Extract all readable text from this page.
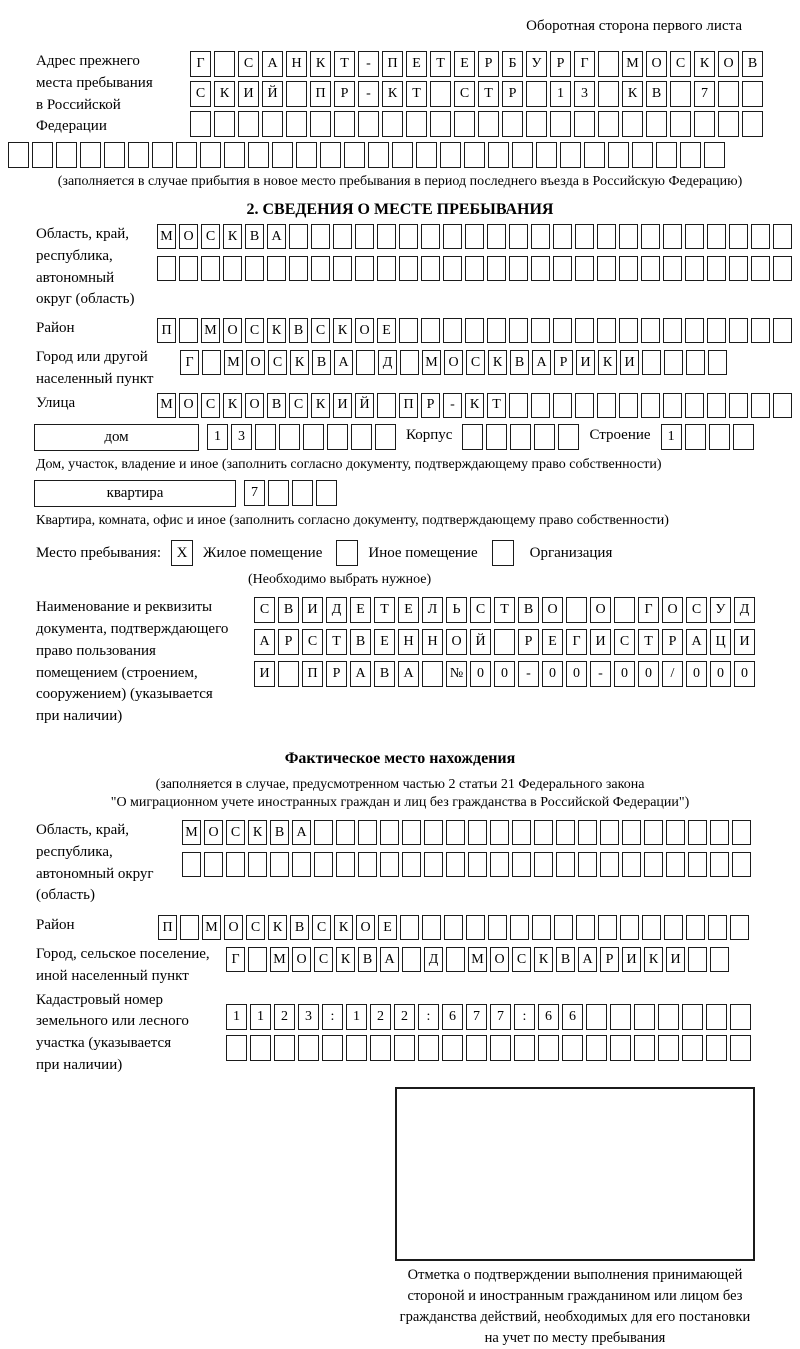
Оборотная сторона первого листа
Адрес прежнего
места пребывания
в Российской
Федерации
Г	С	А Н	К	Т	-	П	Е	Т	Е	Р	Б	У	Р	Г	М О	С	К	О	В
С	К	И Й	П	Р	-	К	Т	С	Т	Р	1	3	К	В	7
(заполняется в случае прибытия в новое место пребывания в период последнего въезда в Российскую Федерацию)
2. СВЕДЕНИЯ О МЕСТЕ ПРЕБЫВАНИЯ
Область, край,
республика,
автономный
округ (область)
М О С К В А
Район	П	М О С К В С К О Е
Город или другой
населенный пункт
Г	М О С К В А	Д	М О С К В А Р И К И
Улица	М О С К О В С К И Й	П Р	-	К Т
дом	1	3	Корпус	Строение	1
Дом, участок, владение и иное (заполнить согласно документу, подтверждающему право собственности)
квартира	7
Квартира, комната, офис и иное (заполнить согласно документу, подтверждающему право собственности)
Место пребывания:	X	Жилое помещение	Иное помещение	Организация
(Необходимо выбрать нужное)
Наименование и реквизиты
документа, подтверждающего
право пользования
помещением (строением,
сооружением) (указывается
при наличии)
С	В	И	Д	Е	Т	Е	Л	Ь	С	Т	В	О	О	Г	О	С	У	Д
А	Р	С	Т	В	Е	Н Н О Й	Р	Е	Г	И	С	Т	Р	А Ц И
И	П	Р	А	В	А	№ 0	0	-	0	0	-	0	0	/	0	0	0
Фактическое место нахождения
(заполняется в случае, предусмотренном частью 2 статьи 21 Федерального закона
"О миграционном учете иностранных граждан и лиц без гражданства в Российской Федерации")
Область, край,
республика,
автономный округ
(область)
М О С К В А
Район	П	М О С К В С К О Е
Город, сельское поселение,
иной населенный пункт
Г	М О С К В А	Д	М О С К В А Р И К И
Кадастровый номер
земельного или лесного
участка (указывается
при наличии)
1	1	2	3	:	1	2	2	:	6	7	7	:	6	6
Отметка о подтверждении выполнения принимающей
стороной и иностранным гражданином или лицом без
гражданства действий, необходимых для его постановки
на учет по месту пребывания
